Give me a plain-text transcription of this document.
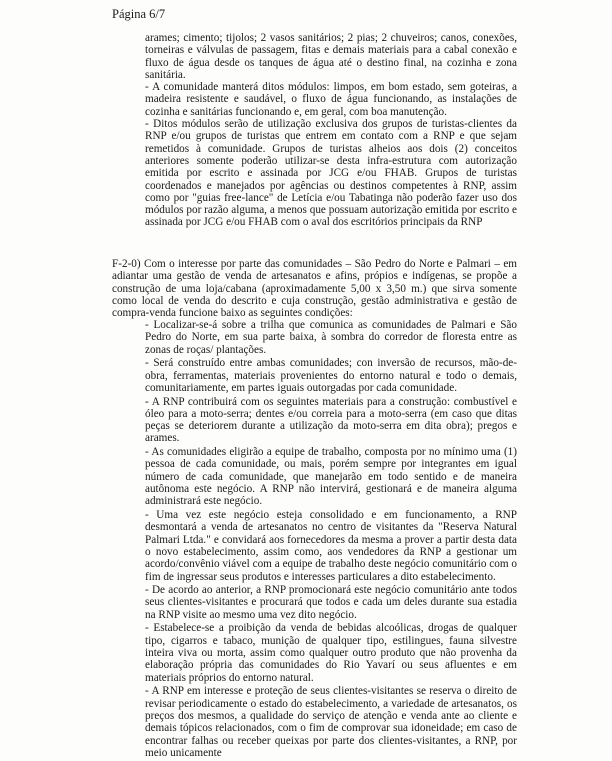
Página 6/7

arames; cimento; tijolos; 2 vasos sanitários; 2 pias; 2 chuveiros; canos, conexões, torneiras e válvulas de passagem, fitas e demais materiais para a cabal conexão e fluxo de água desde os tanques de água até o destino final, na cozinha e zona sanitária.

- A comunidade manterá ditos módulos: limpos, em bom estado, sem goteiras, a madeira resistente e saudável, o fluxo de água funcionando, as instalações de cozinha e sanitárias funcionando e, em geral, com boa manutenção.

- Ditos módulos serão de utilização exclusiva dos grupos de turistas-clientes da RNP e/ou grupos de turistas que entrem em contato com a RNP e que sejam remetidos à comunidade. Grupos de turistas alheios aos dois (2) conceitos anteriores somente poderão utilizar-se desta infra-estrutura com autorização emitida por escrito e assinada por JCG e/ou FHAB. Grupos de turistas coordenados e manejados por agências ou destinos competentes à RNP, assim como por "guias free-lance" de Letícia e/ou Tabatinga não poderão fazer uso dos módulos por razão alguma, a menos que possuam autorização emitida por escrito e assinada por JCG e/ou FHAB com o aval dos escritórios principais da RNP

F-2-0) Com o interesse por parte das comunidades – São Pedro do Norte e Palmari – em adiantar uma gestão de venda de artesanatos e afins, própios e indígenas, se propõe a construção de uma loja/cabana (aproximadamente 5,00 x 3,50 m.) que sirva somente como local de venda do descrito e cuja construção, gestão administrativa e gestão de compra-venda funcione baixo as seguintes condições:

- Localizar-se-á sobre a trilha que comunica as comunidades de Palmari e São Pedro do Norte, em sua parte baixa, à sombra do corredor de floresta entre as zonas de roças/ plantações.

- Será construído entre ambas comunidades; con inversão de recursos, mão-de-obra, ferramentas, materiais provenientes do entorno natural e todo o demais, comunitariamente, em partes iguais outorgadas por cada comunidade.

- A RNP contribuirá com os seguintes materiais para a construção: combustível e óleo para a moto-serra; dentes e/ou correia para a moto-serra (em caso que ditas peças se deteriorem durante a utilização da moto-serra em dita obra); pregos e arames.

- As comunidades eligirão a equipe de trabalho, composta por no mínimo uma (1) pessoa de cada comunidade, ou mais, porém sempre por integrantes em igual número de cada comunidade, que manejarão em todo sentido e de maneira autônoma este negócio. A RNP não intervirá, gestionará e de maneira alguma administrará este negócio.

- Uma vez este negócio esteja consolidado e em funcionamento, a RNP desmontará a venda de artesanatos no centro de visitantes da "Reserva Natural Palmari Ltda." e convidará aos fornecedores da mesma a prover a partir desta data o novo estabelecimento, assim como, aos vendedores da RNP a gestionar um acordo/convênio viável com a equipe de trabalho deste negócio comunitário com o fim de ingressar seus produtos e interesses particulares a dito estabelecimento.

- De acordo ao anterior, a RNP promocionará este negócio comunitário ante todos seus clientes-visitantes e procurará que todos e cada um deles durante sua estadia na RNP visite ao mesmo uma vez dito negócio.

- Estabelece-se a proibição da venda de bebidas alcoólicas, drogas de qualquer tipo, cigarros e tabaco, munição de qualquer tipo, estilingues, fauna silvestre inteira viva ou morta, assim como qualquer outro produto que não provenha da elaboração própria das comunidades do Rio Yavarí ou seus afluentes e em materiais próprios do entorno natural.

- A RNP em interesse e proteção de seus clientes-visitantes se reserva o direito de revisar periodicamente o estado do estabelecimento, a variedade de artesanatos, os preços dos mesmos, a qualidade do serviço de atenção e venda ante ao cliente e demais tópicos relacionados, com o fim de comprovar sua idoneidade; em caso de encontrar falhas ou receber queixas por parte dos clientes-visitantes, a RNP, por meio unicamente
